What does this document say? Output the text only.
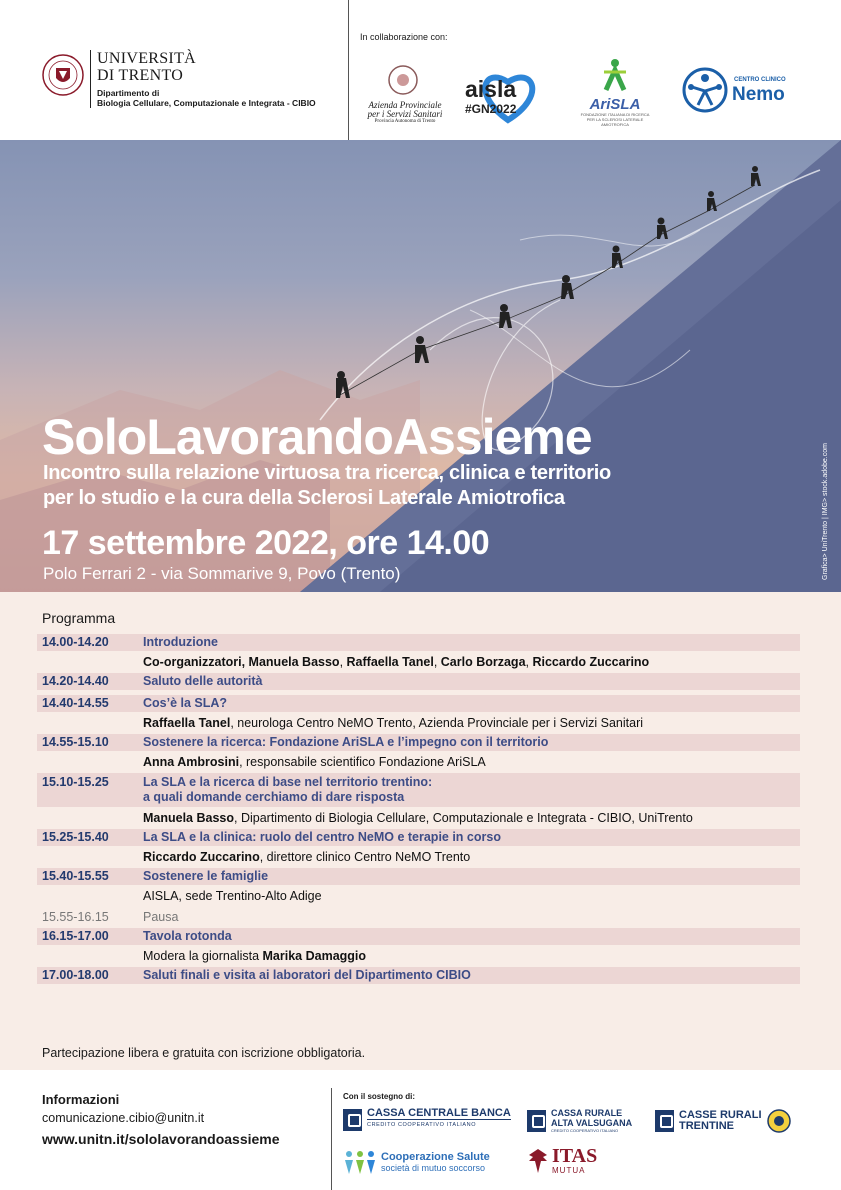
UNIVERSITÀ
DI TRENTO
Dipartimento di
Biologia Cellulare, Computazionale e Integrata - CIBIO
In collaborazione con:
Azienda Provinciale
per i Servizi Sanitari
Provincia Autonoma di Trento
aisla
#GN2022	AriSLA
FONDAZIONE ITALIANA DI RICERCA
PER LA SCLEROSI LATERALE AMIOTROFICA
CENTRO CLINICO
Nemo
SoloLavorandoAssieme
Incontro sulla relazione virtuosa tra ricerca, clinica e territorio
per lo studio e la cura della Sclerosi Laterale Amiotrofica
17 settembre 2022, ore 14.00
Polo Ferrari 2 - via Sommarive 9, Povo (Trento)	Grafica> UniTrento | IMG> stock.adobe.com
Programma
14.00-14.20	Introduzione
Co-organizzatori, Manuela Basso, Raffaella Tanel, Carlo Borzaga, Riccardo Zuccarino
14.20-14.40	Saluto delle autorità
14.40-14.55	Cos’è la SLA?
Raffaella Tanel, neurologa Centro NeMO Trento, Azienda Provinciale per i Servizi Sanitari
14.55-15.10	Sostenere la ricerca: Fondazione AriSLA e l’impegno con il territorio
Anna Ambrosini, responsabile scientifico Fondazione AriSLA
15.10-15.25	La SLA e la ricerca di base nel territorio trentino:
a quali domande cerchiamo di dare risposta
Manuela Basso, Dipartimento di Biologia Cellulare, Computazionale e Integrata - CIBIO, UniTrento
15.25-15.40	La SLA e la clinica: ruolo del centro NeMO e terapie in corso
Riccardo Zuccarino, direttore clinico Centro NeMO Trento
15.40-15.55	Sostenere le famiglie
AISLA, sede Trentino-Alto Adige
15.55-16.15	Pausa
16.15-17.00	Tavola rotonda
Modera la giornalista Marika Damaggio
17.00-18.00	Saluti finali e visita ai laboratori del Dipartimento CIBIO
Partecipazione libera e gratuita con iscrizione obbligatoria.
Informazioni
comunicazione.cibio@unitn.it
www.unitn.it/sololavorandoassieme
Con il sostegno di:
CASSA CENTRALE BANCA
CREDITO COOPERATIVO ITALIANO
CASSA RURALE
ALTA VALSUGANA
CREDITO COOPERATIVO ITALIANO
CASSE RURALI
TRENTINE
Cooperazione Salute
società di mutuo soccorso
ITAS
MUTUA
